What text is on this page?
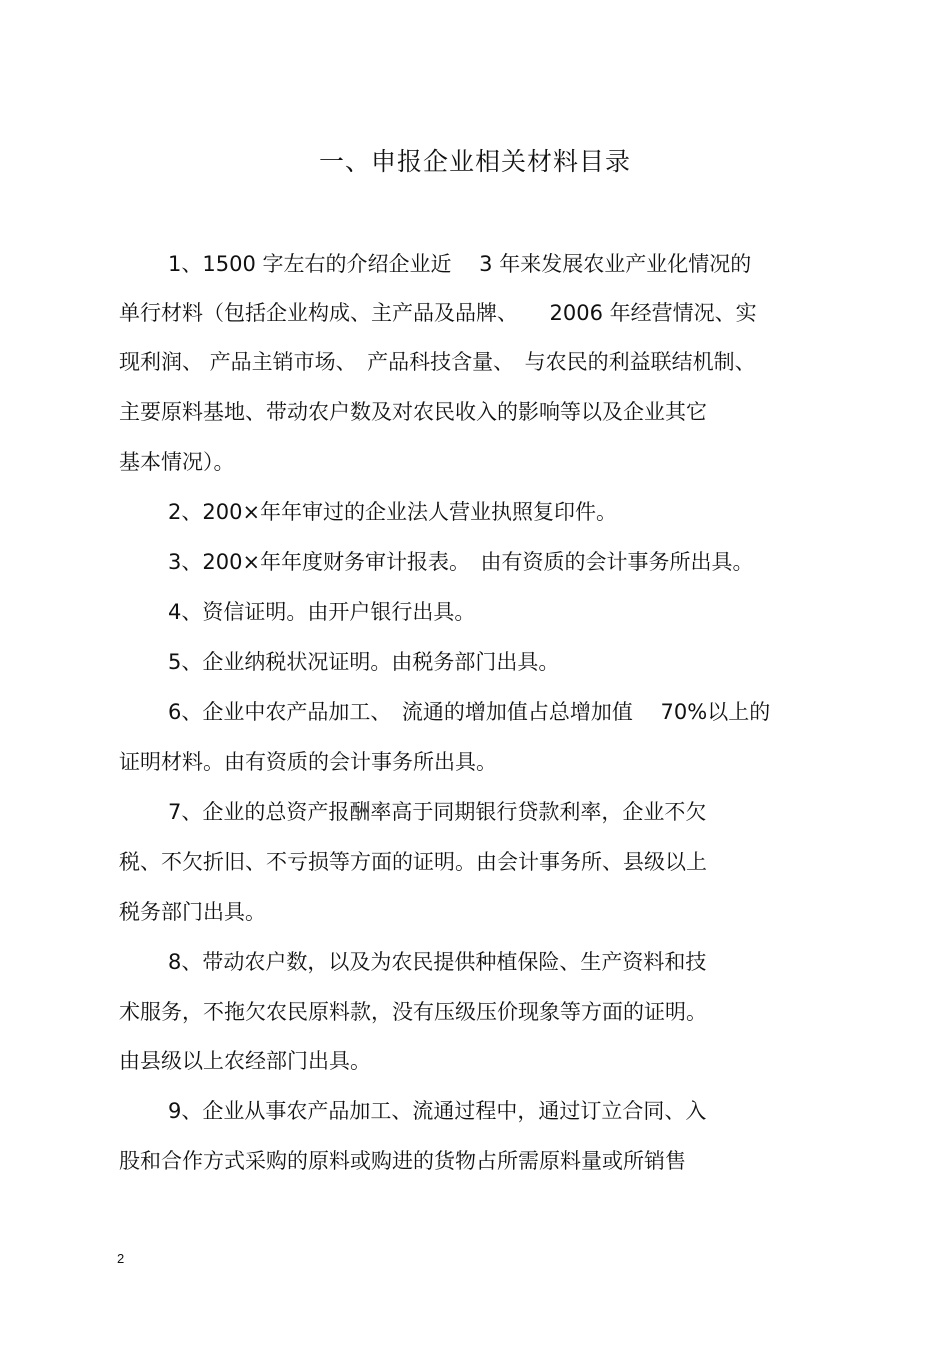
一、申报企业相关材料目录
1、1500 字左右的介绍企业近　 3 年来发展农业产业化情况的
单行材料（包括企业构成、主产品及品牌、　　2006 年经营情况、实
现利润、 产品主销市场、　产品科技含量、　与农民的利益联结机制、
主要原料基地、带动农户数及对农民收入的影响等以及企业其它
基本情况）。
2、200×年年审过的企业法人营业执照复印件。
3、200×年年度财务审计报表。　由有资质的会计事务所出具。
4、资信证明。由开户银行出具。
5、企业纳税状况证明。由税务部门出具。
6、企业中农产品加工、　流通的增加值占总增加值　 70%以上的
证明材料。由有资质的会计事务所出具。
7、企业的总资产报酬率高于同期银行贷款利率，企业不欠
税、不欠折旧、不亏损等方面的证明。由会计事务所、县级以上
税务部门出具。
8、带动农户数，以及为农民提供种植保险、生产资料和技
术服务，不拖欠农民原料款，没有压级压价现象等方面的证明。
由县级以上农经部门出具。
9、企业从事农产品加工、流通过程中，通过订立合同、入
股和合作方式采购的原料或购进的货物占所需原料量或所销售
2
